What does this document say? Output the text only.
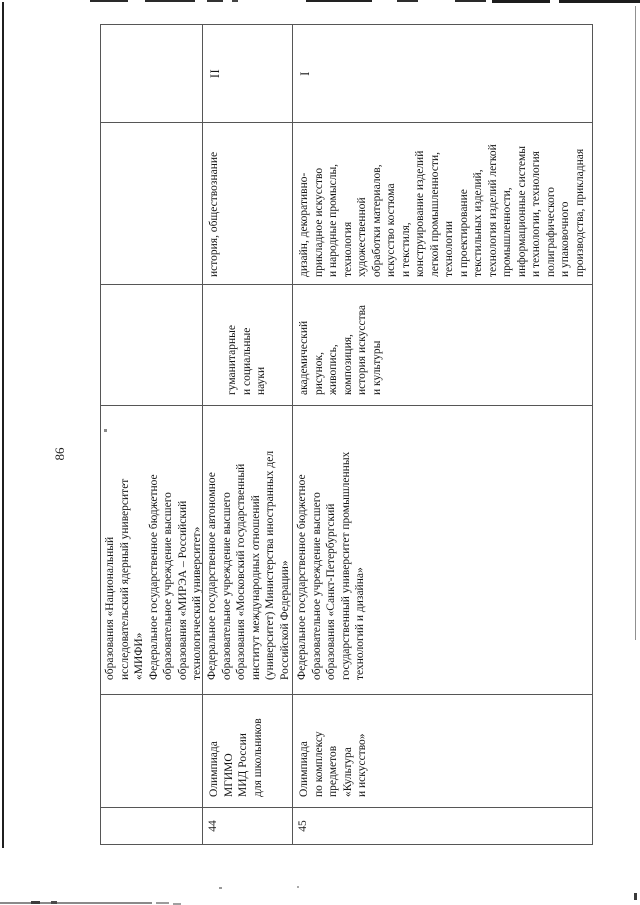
86
образования «Национальный
исследовательский ядерный университет
«МИФИ»
Федеральное государственное бюджетное
образовательное учреждение высшего
образования «МИРЭА – Российский
технологический университет»
44
Олимпиада
МГИМО
МИД России
для школьников
Федеральное государственное автономное
образовательное учреждение высшего
образования «Московский государственный
институт международных отношений
(университет) Министерства иностранных дел
Российской Федерации»
гуманитарные
и социальные
науки
история, обществознание
II
45
Олимпиада
по комплексу
предметов
«Культура
и искусство»
Федеральное государственное бюджетное
образовательное учреждение высшего
образования «Санкт-Петербургский
государственный университет промышленных
технологий и дизайна»
академический
рисунок,
живопись,
композиция,
история искусства
и культуры
дизайн, декоративно-
прикладное искусство
и народные промыслы,
технология
художественной
обработки материалов,
искусство костюма
и текстиля,
конструирование изделий
легкой промышленности,
технологии
и проектирование
текстильных изделий,
технология изделий легкой
промышленности,
информационные системы
и технологии, технология
полиграфического
и упаковочного
производства, прикладная
I
